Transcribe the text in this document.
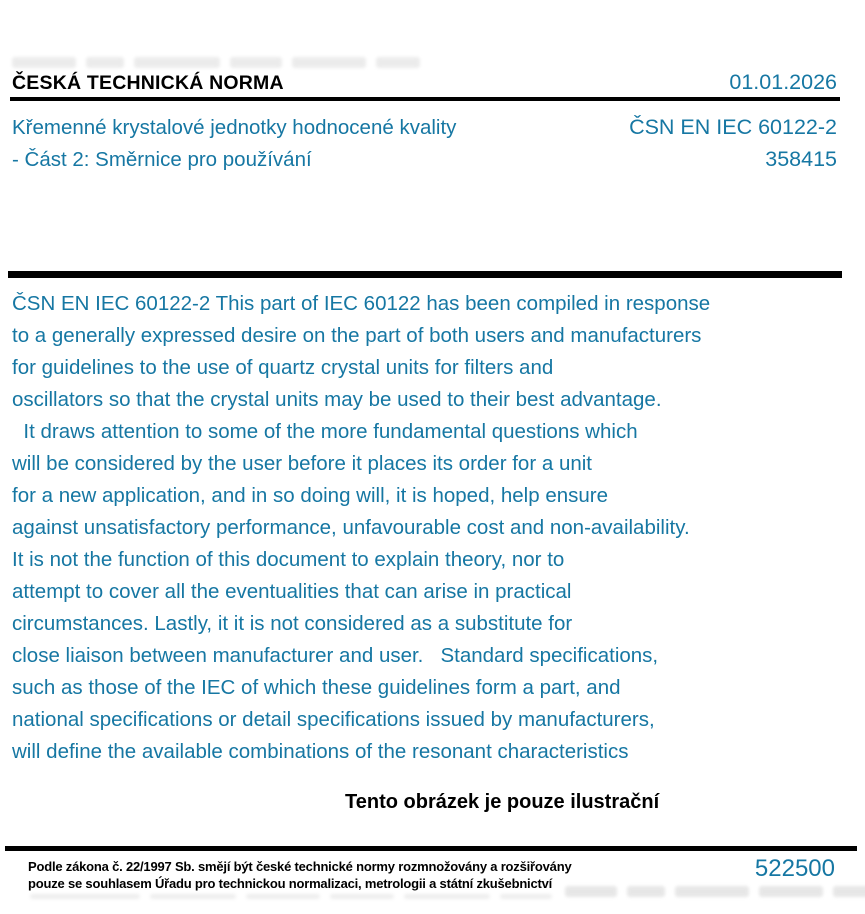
ČESKÁ TECHNICKÁ NORMA	01.01.2026
Křemenné krystalové jednotky hodnocené kvality	ČSN EN IEC 60122-2
- Část 2: Směrnice pro používání	358415
ČSN EN IEC 60122-2 This part of IEC 60122 has been compiled in response
to a generally expressed desire on the part of both users and manufacturers
for guidelines to the use of quartz crystal units for filters and
oscillators so that the crystal units may be used to their best advantage.
It draws attention to some of the more fundamental questions which
will be considered by the user before it places its order for a unit
for a new application, and in so doing will, it is hoped, help ensure
against unsatisfactory performance, unfavourable cost and non-availability.
It is not the function of this document to explain theory, nor to
attempt to cover all the eventualities that can arise in practical
circumstances. Lastly, it it is not considered as a substitute for
close liaison between manufacturer and user.   Standard specifications,
such as those of the IEC of which these guidelines form a part, and
national specifications or detail specifications issued by manufacturers,
will define the available combinations of the resonant characteristics
Tento obrázek je pouze ilustrační
Podle zákona č. 22/1997 Sb. smějí být české technické normy rozmnožovány a rozšiřovány
pouze se souhlasem Úřadu pro technickou normalizaci, metrologii a státní zkušebnictví
522500
